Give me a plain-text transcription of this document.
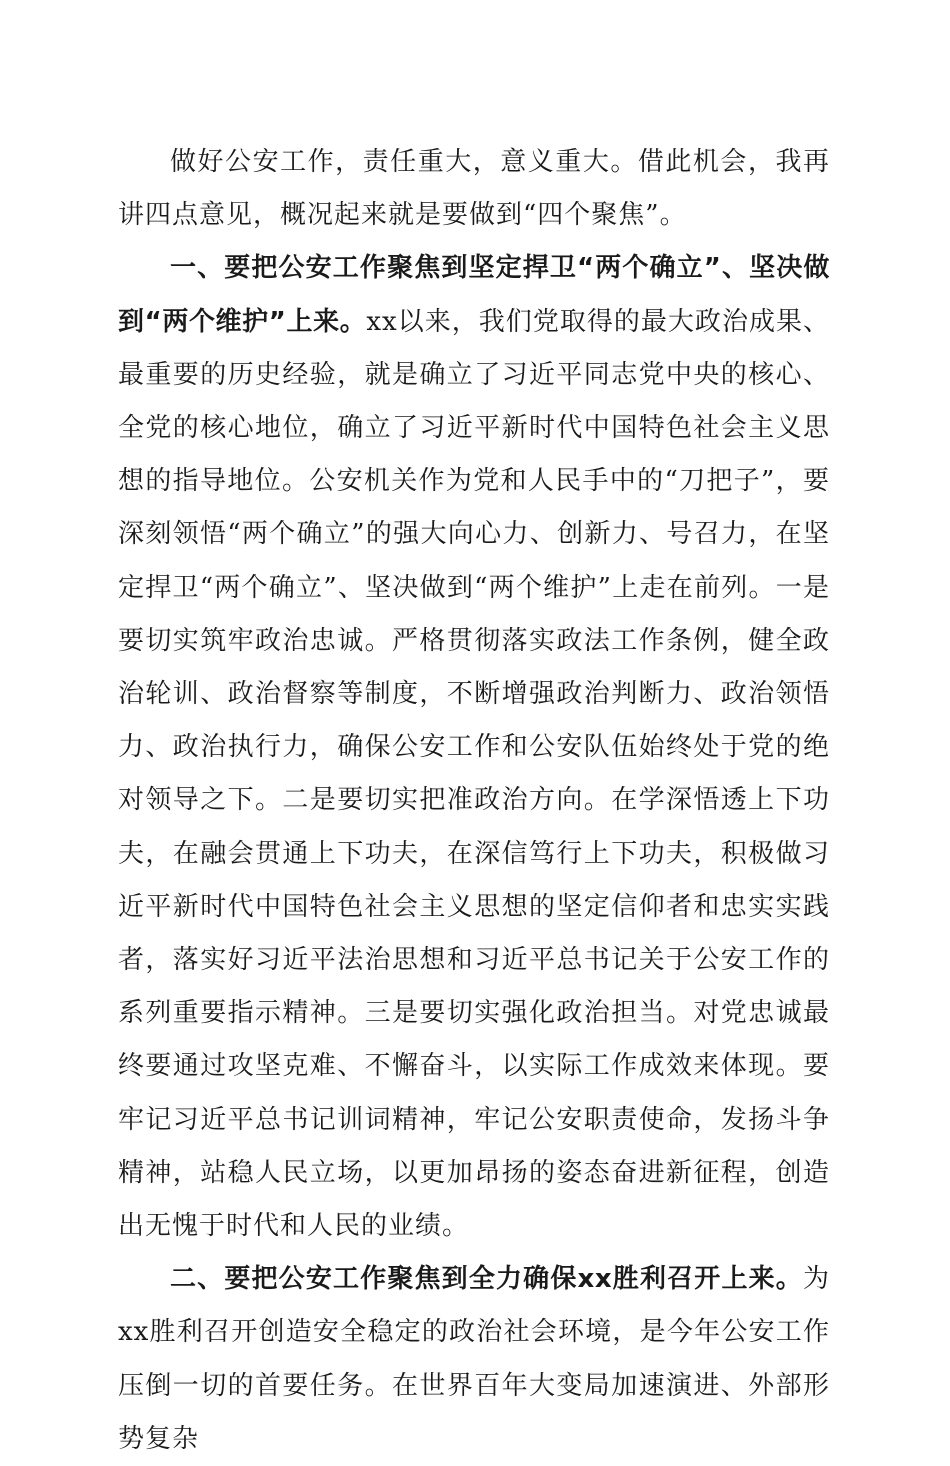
做好公安工作，责任重大，意义重大。借此机会，我再讲四点意见，概况起来就是要做到“四个聚焦”。

一、要把公安工作聚焦到坚定捍卫“两个确立”、坚决做到“两个维护”上来。xx以来，我们党取得的最大政治成果、最重要的历史经验，就是确立了习近平同志党中央的核心、全党的核心地位，确立了习近平新时代中国特色社会主义思想的指导地位。公安机关作为党和人民手中的“刀把子”，要深刻领悟“两个确立”的强大向心力、创新力、号召力，在坚定捍卫“两个确立”、坚决做到“两个维护”上走在前列。一是要切实筑牢政治忠诚。严格贯彻落实政法工作条例，健全政治轮训、政治督察等制度，不断增强政治判断力、政治领悟力、政治执行力，确保公安工作和公安队伍始终处于党的绝对领导之下。二是要切实把准政治方向。在学深悟透上下功夫，在融会贯通上下功夫，在深信笃行上下功夫，积极做习近平新时代中国特色社会主义思想的坚定信仰者和忠实实践者，落实好习近平法治思想和习近平总书记关于公安工作的系列重要指示精神。三是要切实强化政治担当。对党忠诚最终要通过攻坚克难、不懈奋斗，以实际工作成效来体现。要牢记习近平总书记训词精神，牢记公安职责使命，发扬斗争精神，站稳人民立场，以更加昂扬的姿态奋进新征程，创造出无愧于时代和人民的业绩。

二、要把公安工作聚焦到全力确保xx胜利召开上来。为xx胜利召开创造安全稳定的政治社会环境，是今年公安工作压倒一切的首要任务。在世界百年大变局加速演进、外部形势复杂
